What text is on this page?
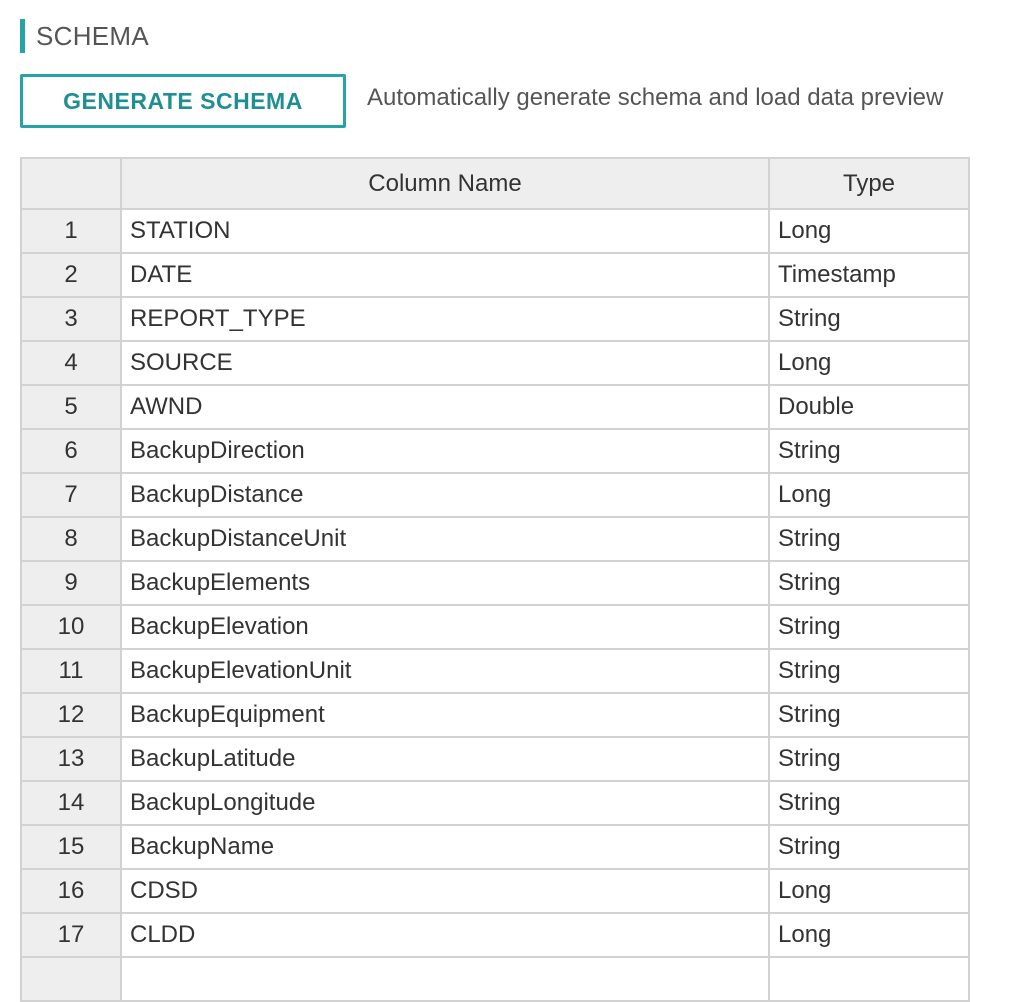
SCHEMA
GENERATE SCHEMA	Automatically generate schema and load data preview
	Column Name	Type
1	STATION	Long
2	DATE	Timestamp
3	REPORT_TYPE	String
4	SOURCE	Long
5	AWND	Double
6	BackupDirection	String
7	BackupDistance	Long
8	BackupDistanceUnit	String
9	BackupElements	String
10	BackupElevation	String
11	BackupElevationUnit	String
12	BackupEquipment	String
13	BackupLatitude	String
14	BackupLongitude	String
15	BackupName	String
16	CDSD	Long
17	CLDD	Long
